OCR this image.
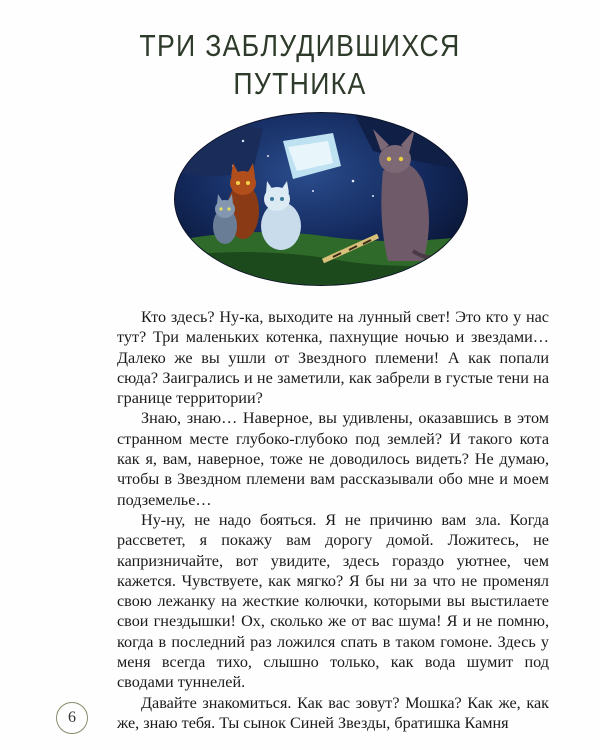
ТРИ ЗАБЛУДИВШИХСЯ
ПУТНИКА

Кто здесь? Ну-ка, выходите на лунный свет! Это кто у нас тут? Три маленьких котенка, пахнущие ночью и звездами… Далеко же вы ушли от Звездного племени! А как попали сюда? Заигрались и не заметили, как забрели в густые тени на границе территории?

Знаю, знаю… Наверное, вы удивлены, оказавшись в этом странном месте глубоко-глубоко под землей? И такого кота как я, вам, наверное, тоже не доводилось видеть? Не думаю, чтобы в Звездном племени вам рассказывали обо мне и моем подземелье…

Ну-ну, не надо бояться. Я не причиню вам зла. Когда рассветет, я покажу вам дорогу домой. Ложитесь, не капризничайте, вот увидите, здесь гораздо уютнее, чем кажется. Чувствуете, как мягко? Я бы ни за что не променял свою лежанку на жесткие колючки, которыми вы выстилаете свои гнездышки! Ох, сколько же от вас шума! Я и не помню, когда в последний раз ложился спать в таком гомоне. Здесь у меня всегда тихо, слышно только, как вода шумит под сводами туннелей.

Давайте знакомиться. Как вас зовут? Мошка? Как же, как же, знаю тебя. Ты сынок Синей Звезды, братишка Камня

6
